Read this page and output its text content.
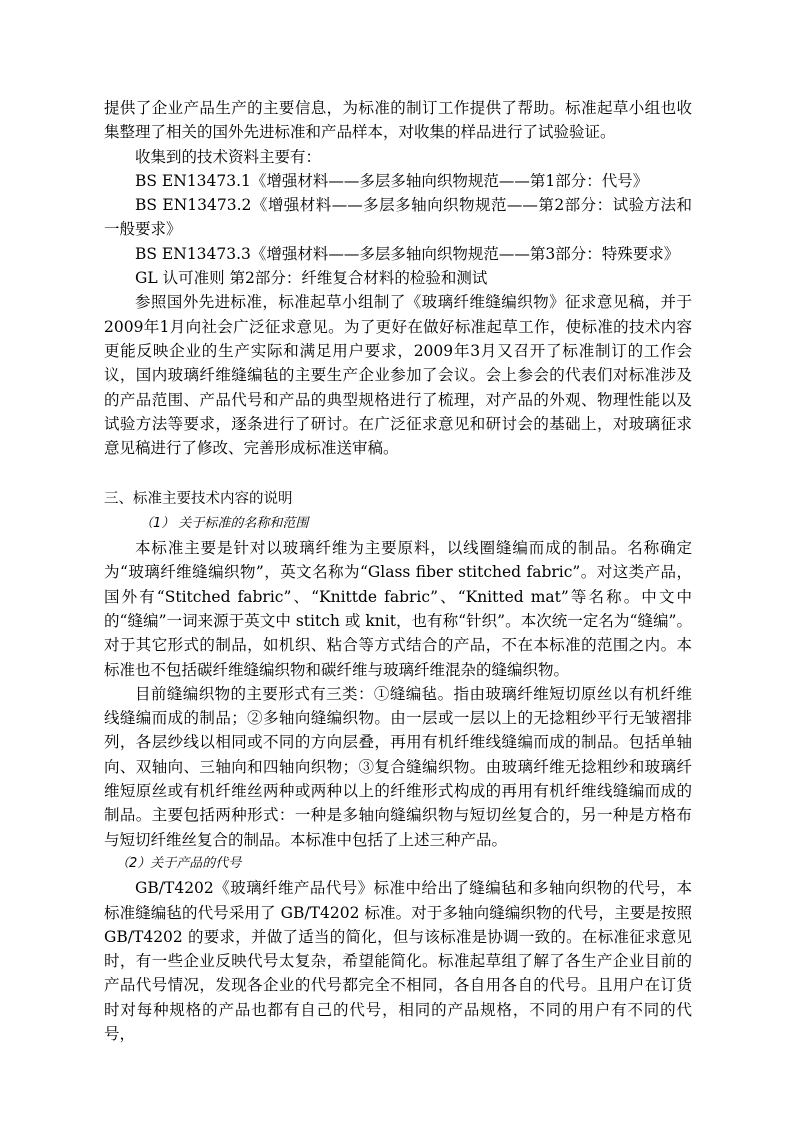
提供了企业产品生产的主要信息，为标准的制订工作提供了帮助。标准起草小组也收集整理了相关的国外先进标准和产品样本，对收集的样品进行了试验验证。

收集到的技术资料主要有：

BS EN13473.1《增强材料——多层多轴向织物规范——第1部分：代号》

BS EN13473.2《增强材料——多层多轴向织物规范——第2部分：试验方法和一般要求》

BS EN13473.3《增强材料——多层多轴向织物规范——第3部分：特殊要求》

GL 认可准则 第2部分：纤维复合材料的检验和测试

参照国外先进标准，标准起草小组制了《玻璃纤维缝编织物》征求意见稿，并于2009年1月向社会广泛征求意见。为了更好在做好标准起草工作，使标准的技术内容更能反映企业的生产实际和满足用户要求，2009年3月又召开了标准制订的工作会议，国内玻璃纤维缝编毡的主要生产企业参加了会议。会上参会的代表们对标准涉及的产品范围、产品代号和产品的典型规格进行了梳理，对产品的外观、物理性能以及试验方法等要求，逐条进行了研讨。在广泛征求意见和研讨会的基础上，对玻璃征求意见稿进行了修改、完善形成标准送审稿。

三、标准主要技术内容的说明

（1） 关于标准的名称和范围

本标准主要是针对以玻璃纤维为主要原料，以线圈缝编而成的制品。名称确定为“玻璃纤维缝编织物”，英文名称为“Glass fiber stitched fabric”。对这类产品，国外有“Stitched fabric”、“Knittde fabric”、“Knitted mat”等名称。中文中的“缝编”一词来源于英文中 stitch 或 knit，也有称“针织”。本次统一定名为“缝编”。对于其它形式的制品，如机织、粘合等方式结合的产品，不在本标准的范围之内。本标准也不包括碳纤维缝编织物和碳纤维与玻璃纤维混杂的缝编织物。

目前缝编织物的主要形式有三类：①缝编毡。指由玻璃纤维短切原丝以有机纤维线缝编而成的制品；②多轴向缝编织物。由一层或一层以上的无捻粗纱平行无皱褶排列，各层纱线以相同或不同的方向层叠，再用有机纤维线缝编而成的制品。包括单轴向、双轴向、三轴向和四轴向织物；③复合缝编织物。由玻璃纤维无捻粗纱和玻璃纤维短原丝或有机纤维丝两种或两种以上的纤维形式构成的再用有机纤维线缝编而成的制品。主要包括两种形式：一种是多轴向缝编织物与短切丝复合的，另一种是方格布与短切纤维丝复合的制品。本标准中包括了上述三种产品。

（2）关于产品的代号

GB/T4202《玻璃纤维产品代号》标准中给出了缝编毡和多轴向织物的代号，本标准缝编毡的代号采用了 GB/T4202 标准。对于多轴向缝编织物的代号，主要是按照GB/T4202 的要求，并做了适当的简化，但与该标准是协调一致的。在标准征求意见时，有一些企业反映代号太复杂，希望能简化。标准起草组了解了各生产企业目前的产品代号情况，发现各企业的代号都完全不相同，各自用各自的代号。且用户在订货时对每种规格的产品也都有自己的代号，相同的产品规格，不同的用户有不同的代号，
